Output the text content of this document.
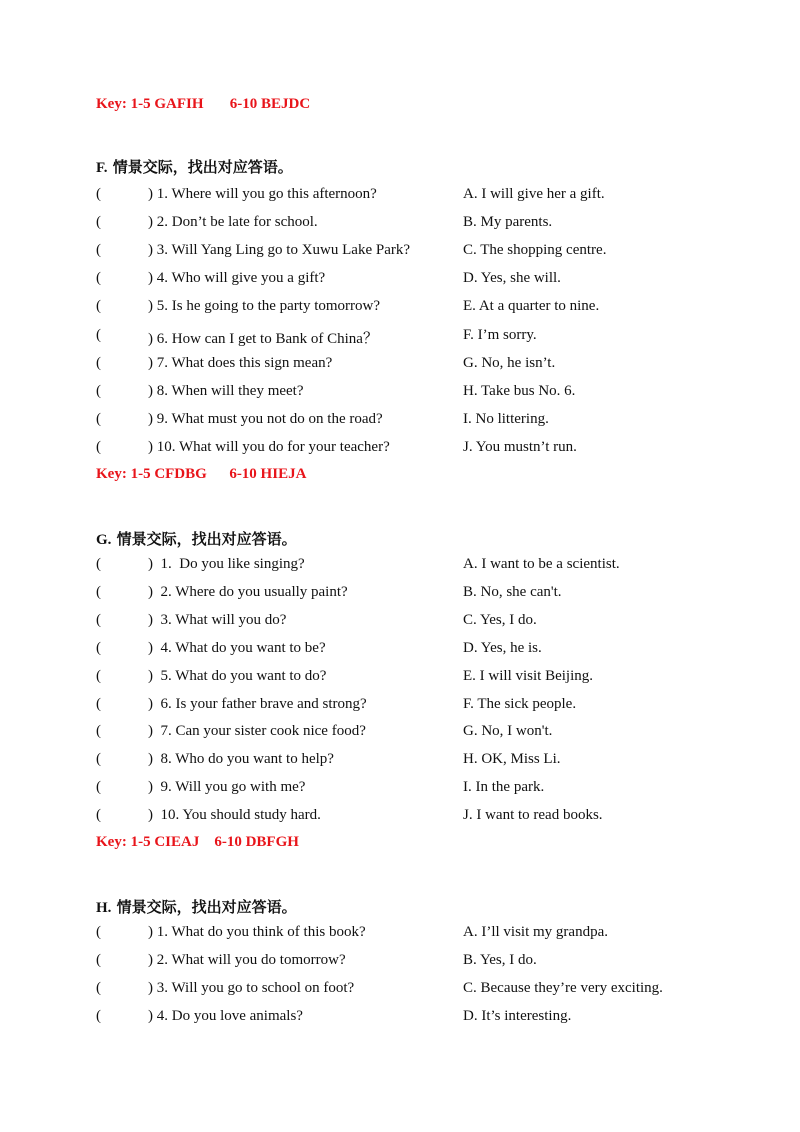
Key: 1-5 GAFIH       6-10 BEJDC
F. 情景交际，找出对应答语。
(	) 1. Where will you go this afternoon?	A. I will give her a gift.
(	) 2. Don’t be late for school.	B. My parents.
(	) 3. Will Yang Ling go to Xuwu Lake Park?	C. The shopping centre.
(	) 4. Who will give you a gift?	D. Yes, she will.
(	) 5. Is he going to the party tomorrow?	E. At a quarter to nine.
(	) 6. How can I get to Bank of China？	F. I’m sorry.
(	) 7. What does this sign mean?	G. No, he isn’t.
(	) 8. When will they meet?	H. Take bus No. 6.
(	) 9. What must you not do on the road?	I. No littering.
(	) 10. What will you do for your teacher?	J. You mustn’t run.
Key: 1-5 CFDBG      6-10 HIEJA
G. 情景交际，找出对应答语。
(	)  1.  Do you like singing?	A. I want to be a scientist.
(	)  2. Where do you usually paint?	B. No, she can't.
(	)  3. What will you do?	C. Yes, I do.
(	)  4. What do you want to be?	D. Yes, he is.
(	)  5. What do you want to do?	E. I will visit Beijing.
(	)  6. Is your father brave and strong?	F. The sick people.
(	)  7. Can your sister cook nice food?	G. No, I won't.
(	)  8. Who do you want to help?	H. OK, Miss Li.
(	)  9. Will you go with me?	I. In the park.
(	)  10. You should study hard.	J. I want to read books.
Key: 1-5 CIEAJ    6-10 DBFGH
H. 情景交际，找出对应答语。
(	) 1. What do you think of this book?	A. I’ll visit my grandpa.
(	) 2. What will you do tomorrow?	B. Yes, I do.
(	) 3. Will you go to school on foot?	C. Because they’re very exciting.
(	) 4. Do you love animals?	D. It’s interesting.
